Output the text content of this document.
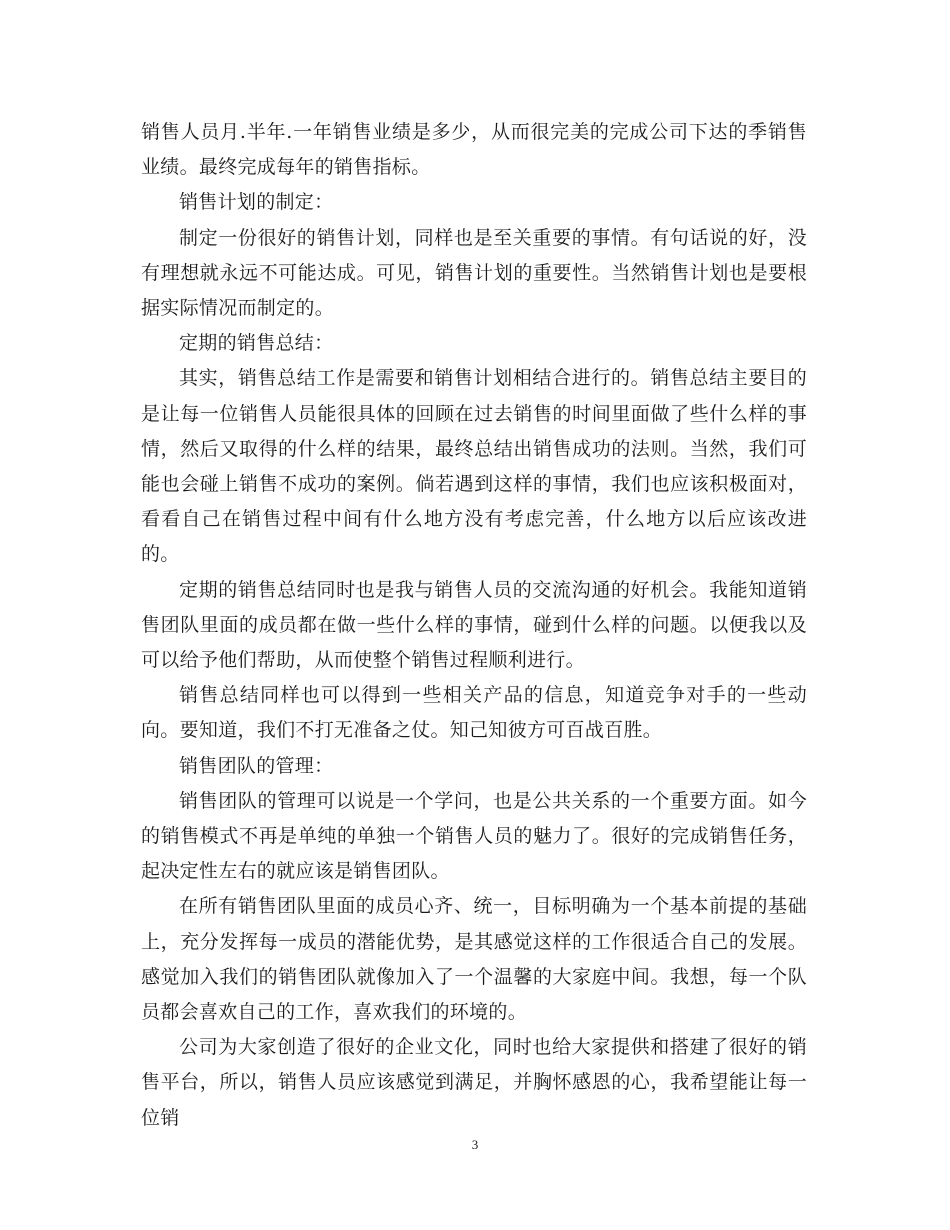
销售人员月.半年.一年销售业绩是多少，从而很完美的完成公司下达的季销售业绩。最终完成每年的销售指标。

销售计划的制定：

制定一份很好的销售计划，同样也是至关重要的事情。有句话说的好，没有理想就永远不可能达成。可见，销售计划的重要性。当然销售计划也是要根据实际情况而制定的。

定期的销售总结：

其实，销售总结工作是需要和销售计划相结合进行的。销售总结主要目的是让每一位销售人员能很具体的回顾在过去销售的时间里面做了些什么样的事情，然后又取得的什么样的结果，最终总结出销售成功的法则。当然，我们可能也会碰上销售不成功的案例。倘若遇到这样的事情，我们也应该积极面对，看看自己在销售过程中间有什么地方没有考虑完善，什么地方以后应该改进的。

定期的销售总结同时也是我与销售人员的交流沟通的好机会。我能知道销售团队里面的成员都在做一些什么样的事情，碰到什么样的问题。以便我以及可以给予他们帮助，从而使整个销售过程顺利进行。

销售总结同样也可以得到一些相关产品的信息，知道竞争对手的一些动向。要知道，我们不打无准备之仗。知己知彼方可百战百胜。

销售团队的管理：

销售团队的管理可以说是一个学问，也是公共关系的一个重要方面。如今的销售模式不再是单纯的单独一个销售人员的魅力了。很好的完成销售任务，起决定性左右的就应该是销售团队。

在所有销售团队里面的成员心齐、统一，目标明确为一个基本前提的基础上，充分发挥每一成员的潜能优势，是其感觉这样的工作很适合自己的发展。感觉加入我们的销售团队就像加入了一个温馨的大家庭中间。我想，每一个队员都会喜欢自己的工作，喜欢我们的环境的。

公司为大家创造了很好的企业文化，同时也给大家提供和搭建了很好的销售平台，所以，销售人员应该感觉到满足，并胸怀感恩的心，我希望能让每一位销

3
